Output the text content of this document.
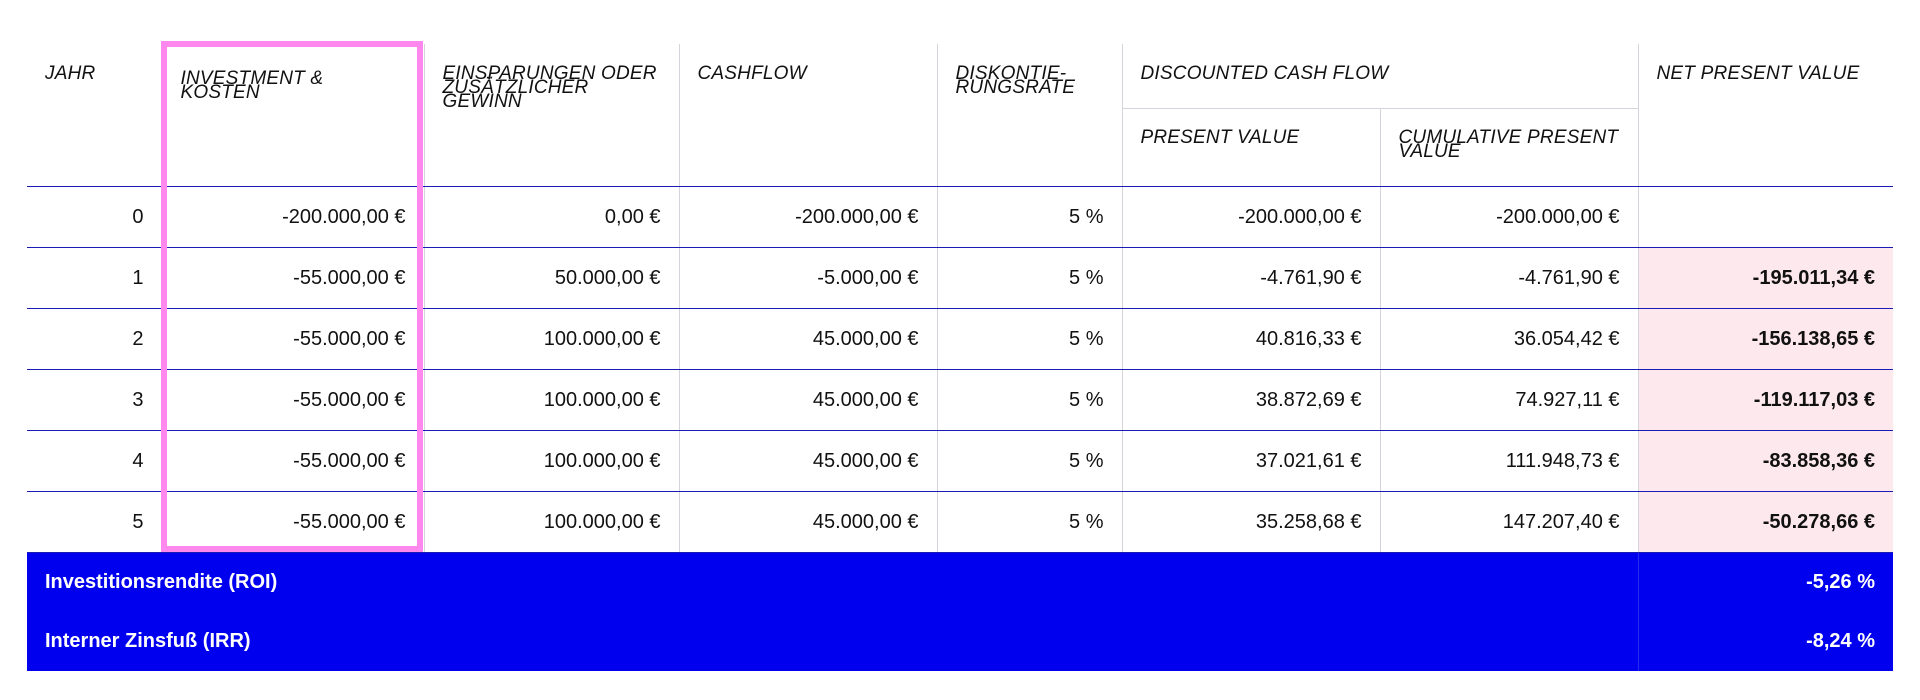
JAHR	INVESTMENT & KOSTEN	EINSPARUNGEN ODER ZUSÄTZLICHER GEWINN	CASHFLOW	DISKONTIE-RUNGSRATE	DISCOUNTED CASH FLOW		NET PRESENT VALUE
					PRESENT VALUE	CUMULATIVE PRESENT VALUE	

0	-200.000,00 €	0,00 €	-200.000,00 €	5 %	-200.000,00 €	-200.000,00 €	
1	-55.000,00 €	50.000,00 €	-5.000,00 €	5 %	-4.761,90 €	-4.761,90 €	-195.011,34 €
2	-55.000,00 €	100.000,00 €	45.000,00 €	5 %	40.816,33 €	36.054,42 €	-156.138,65 €
3	-55.000,00 €	100.000,00 €	45.000,00 €	5 %	38.872,69 €	74.927,11 €	-119.117,03 €
4	-55.000,00 €	100.000,00 €	45.000,00 €	5 %	37.021,61 €	111.948,73 €	-83.858,36 €
5	-55.000,00 €	100.000,00 €	45.000,00 €	5 %	35.258,68 €	147.207,40 €	-50.278,66 €
Investitionsrendite (ROI)							-5,26 %
Interner Zinsfuß (IRR)							-8,24 %
